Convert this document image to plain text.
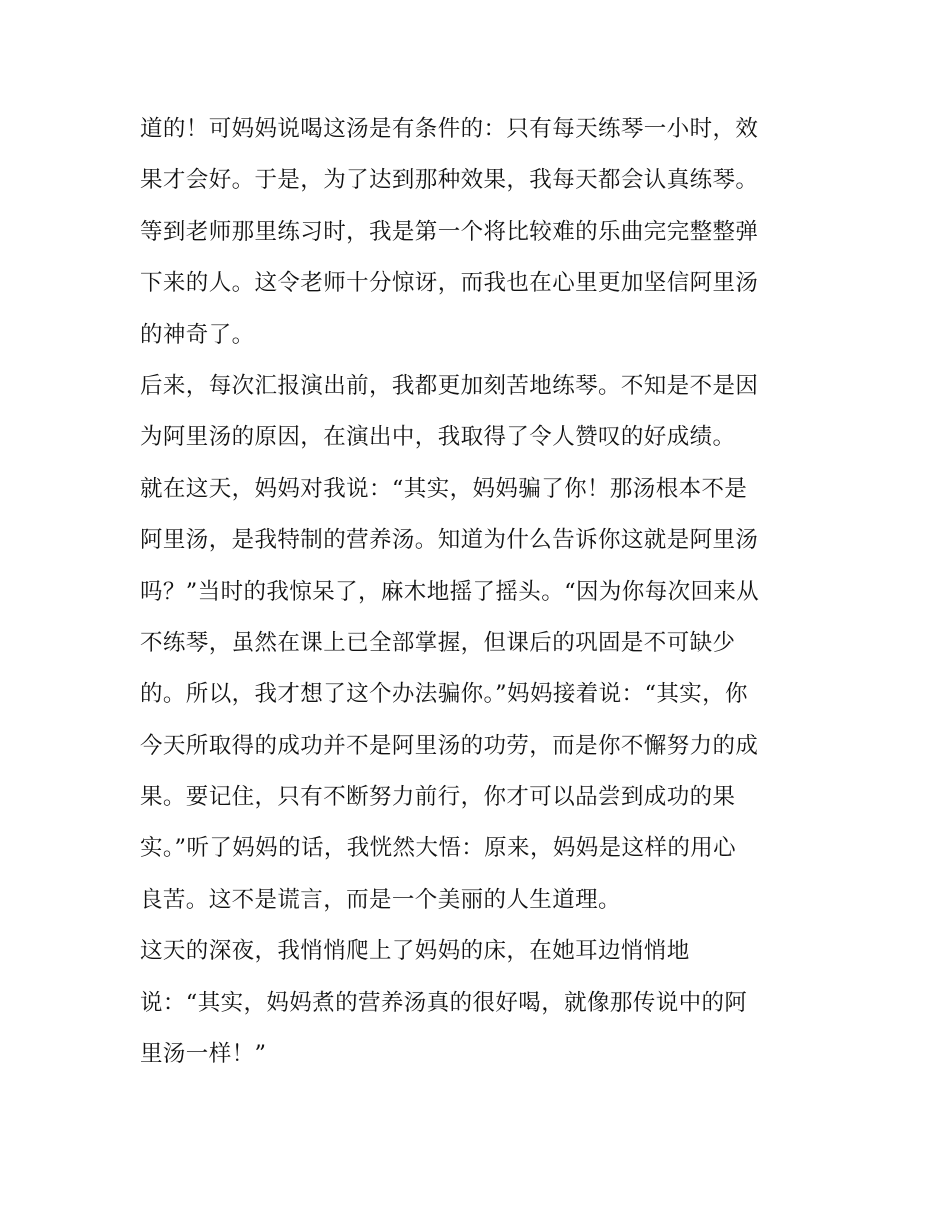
道的！可妈妈说喝这汤是有条件的：只有每天练琴一小时，效
果才会好。于是，为了达到那种效果，我每天都会认真练琴。
等到老师那里练习时，我是第一个将比较难的乐曲完完整整弹
下来的人。这令老师十分惊讶，而我也在心里更加坚信阿里汤
的神奇了。
后来，每次汇报演出前，我都更加刻苦地练琴。不知是不是因
为阿里汤的原因，在演出中，我取得了令人赞叹的好成绩。
就在这天，妈妈对我说：“其实，妈妈骗了你！那汤根本不是
阿里汤，是我特制的营养汤。知道为什么告诉你这就是阿里汤
吗？”当时的我惊呆了，麻木地摇了摇头。“因为你每次回来从
不练琴，虽然在课上已全部掌握，但课后的巩固是不可缺少
的。所以，我才想了这个办法骗你。”妈妈接着说：“其实，你
今天所取得的成功并不是阿里汤的功劳，而是你不懈努力的成
果。要记住，只有不断努力前行，你才可以品尝到成功的果
实。”听了妈妈的话，我恍然大悟：原来，妈妈是这样的用心
良苦。这不是谎言，而是一个美丽的人生道理。
这天的深夜，我悄悄爬上了妈妈的床，在她耳边悄悄地
说：“其实，妈妈煮的营养汤真的很好喝，就像那传说中的阿
里汤一样！”
